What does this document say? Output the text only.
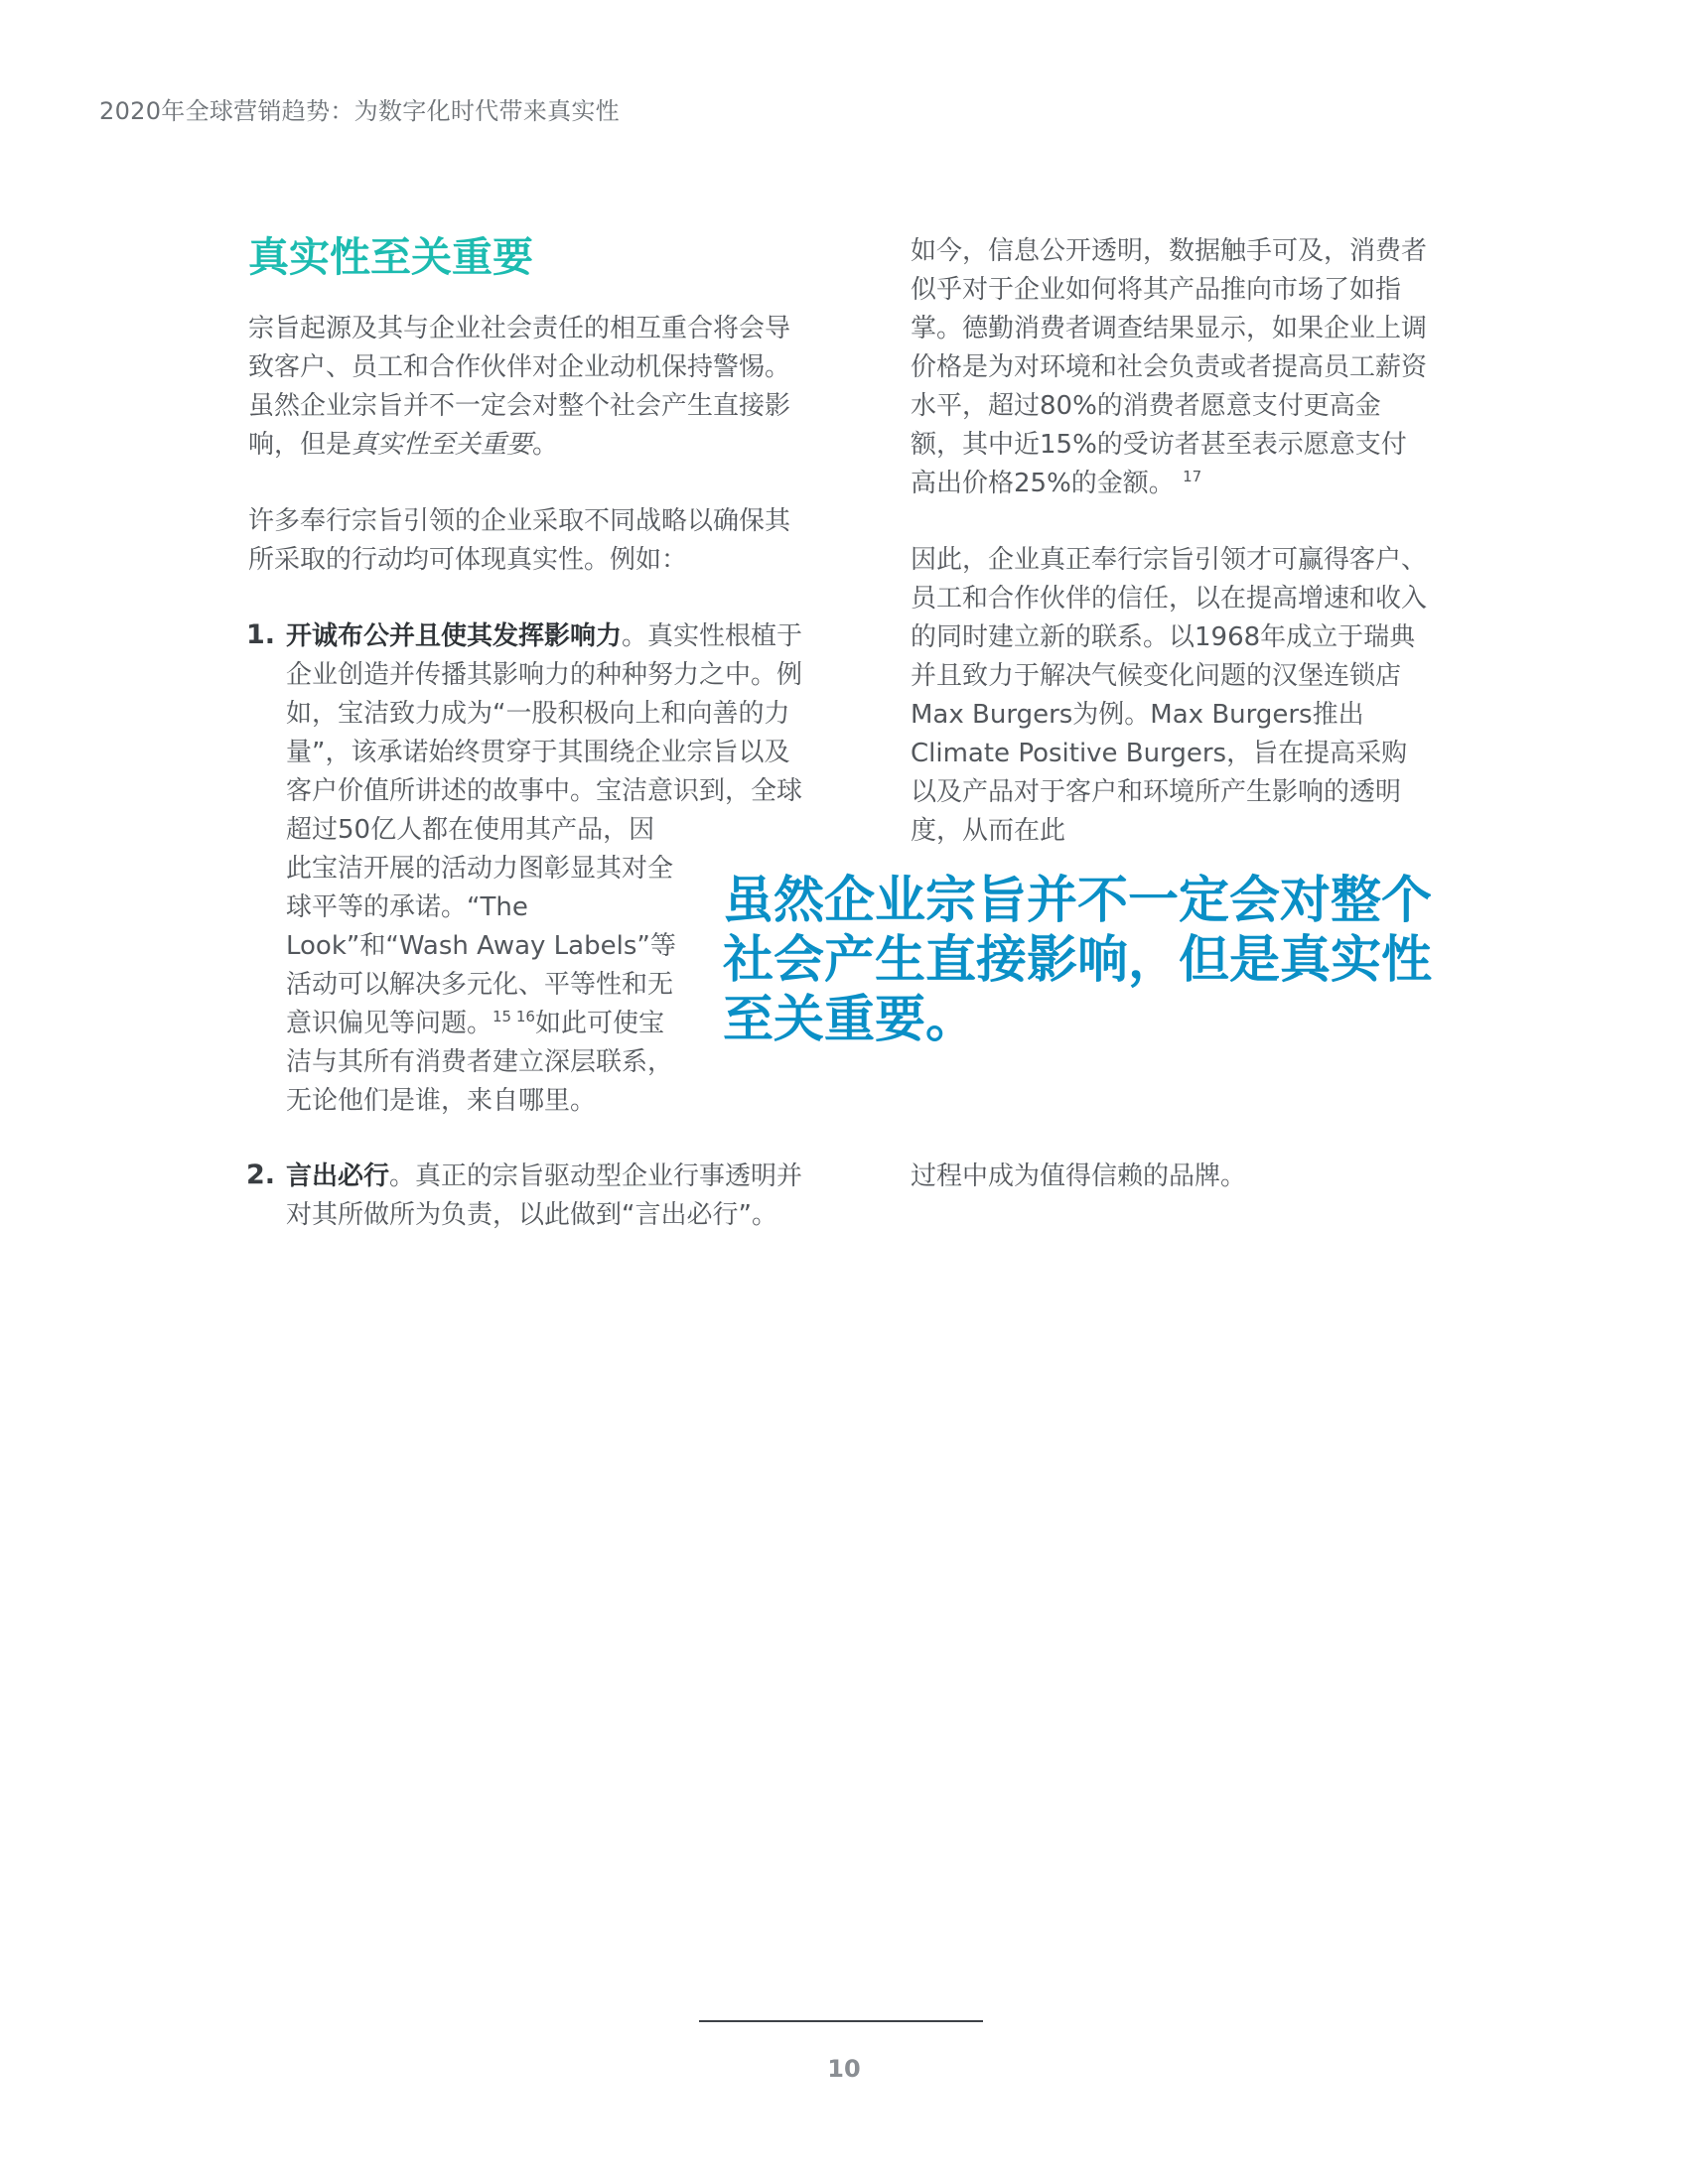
2020年全球营销趋势：为数字化时代带来真实性
真实性至关重要

宗旨起源及其与企业社会责任的相互重合将会导致客户、员工和合作伙伴对企业动机保持警惕。虽然企业宗旨并不一定会对整个社会产生直接影响，但是真实性至关重要。

许多奉行宗旨引领的企业采取不同战略以确保其所采取的行动均可体现真实性。例如：

1. 开诚布公并且使其发挥影响力。真实性根植于企业创造并传播其影响力的种种努力之中。例如，宝洁致力成为“一股积极向上和向善的力量”，该承诺始终贯穿于其围绕企业宗旨以及客户价值所讲述的故事中。宝洁意识到，全球

超过50亿人都在使用其产品，因此宝洁开展的活动力图彰显其对全球平等的承诺。“The Look”和“Wash Away Labels”等活动可以解决多元化、平等性和无意识偏见等问题。$^{15 16}$如此可使宝洁与其所有消费者建立深层联系，无论他们是谁，来自哪里。

2. 言出必行。真正的宗旨驱动型企业行事透明并对其所做所为负责，以此做到“言出必行”。

如今，信息公开透明，数据触手可及，消费者似乎对于企业如何将其产品推向市场了如指掌。德勤消费者调查结果显示，如果企业上调价格是为对环境和社会负责或者提高员工薪资水平，超过80%的消费者愿意支付更高金额，其中近15%的受访者甚至表示愿意支付高出价格25%的金额。 $^{17}$

因此，企业真正奉行宗旨引领才可赢得客户、员工和合作伙伴的信任，以在提高增速和收入的同时建立新的联系。以1968年成立于瑞典并且致力于解决气候变化问题的汉堡连锁店Max Burgers为例。Max Burgers推出Climate Positive Burgers，旨在提高采购以及产品对于客户和环境所产生影响的透明度，从而在此

过程中成为值得信赖的品牌。

虽然企业宗旨并不一定会对整个社会产生直接影响，但是真实性至关重要。

10
